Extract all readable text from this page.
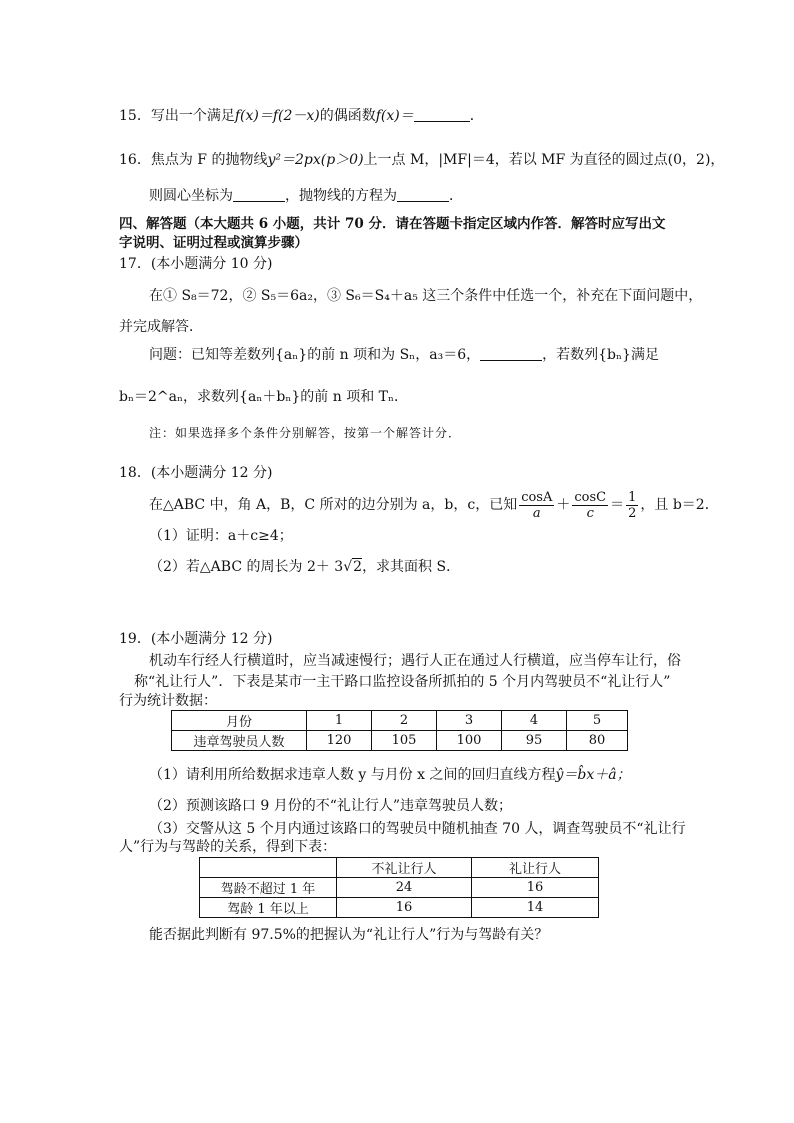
15．写出一个满足f(x)＝f(2－x)的偶函数f(x)＝	．
16．焦点为 F 的抛物线y²＝2px(p＞0)上一点 M，|MF|＝4，若以 MF 为直径的圆过点(0，2)，
则圆心坐标为	，抛物线的方程为	．
四、解答题（本大题共 6 小题，共计 70 分．请在答题卡指定区域内作答．解答时应写出文
字说明、证明过程或演算步骤）
17．(本小题满分 10 分)
在① S₈＝72，② S₅＝6a₂，③ S₆＝S₄＋a₅ 这三个条件中任选一个，补充在下面问题中，
并完成解答．
问题：已知等差数列{aₙ}的前 n 项和为 Sₙ，a₃＝6，	，若数列{bₙ}满足
bₙ＝2^aₙ，求数列{aₙ＋bₙ}的前 n 项和 Tₙ．
注：如果选择多个条件分别解答，按第一个解答计分．
18．(本小题满分 12 分)
在△ABC 中，角 A，B，C 所对的边分别为 a，b，c，已知 $\frac{\cos A}{a} + \frac{\cos C}{c} = \frac{1}{2}$ ，且 b＝2．
（1）证明：a＋c≥4；
（2）若△ABC 的周长为 2＋ 3√2，求其面积 S．
19．(本小题满分 12 分)
机动车行经人行横道时，应当减速慢行；遇行人正在通过人行横道，应当停车让行，俗
称“礼让行人”．下表是某市一主干路口监控设备所抓拍的 5 个月内驾驶员不“礼让行人”
行为统计数据：
月份	1	2	3	4	5
违章驾驶员人数	120	105	100	95	80
（1）请利用所给数据求违章人数 y 与月份 x 之间的回归直线方程ŷ＝b̂x＋â；
（2）预测该路口 9 月份的不“礼让行人”违章驾驶员人数；
（3）交警从这 5 个月内通过该路口的驾驶员中随机抽查 70 人，调查驾驶员不“礼让行
人”行为与驾龄的关系，得到下表：
	不礼让行人	礼让行人
驾龄不超过 1 年	24	16
驾龄 1 年以上	16	14
能否据此判断有 97.5%的把握认为“礼让行人”行为与驾龄有关？
